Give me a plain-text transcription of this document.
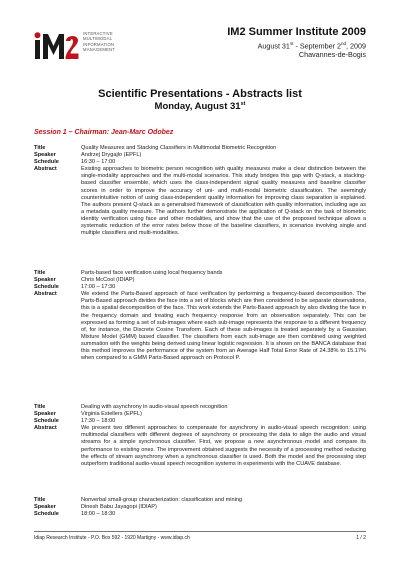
INTERACTIVE
MULTIMODAL
INFORMATION
MANAGEMENT
IM2 Summer Institute 2009
August 31st - September 2nd, 2009
Chavannes-de-Bogis
Scientific Presentations - Abstracts list
Monday, August 31st
Session 1 – Chairman: Jean-Marc Odobez
Title	Quality Measures and Stacking Classifiers in Multimodal Biometric Recognition
Speaker	Andrzej Drygajlo (EPFL)
Schedule	16:30 – 17:00
Abstract	Existing approaches to biometric person recognition with quality measures make a clear distinction between the single-modality approaches and the multi-modal scenarios. This study bridges this gap with Q-stack, a stacking-based classifier ensemble, which uses the class-independent signal quality measures and baseline classifier scores in order to improve the accuracy of uni- and multi-modal biometric classification. The seemingly counterintuitive notion of using class-independent quality information for improving class separation is explained. The authors present Q-stack as a generalised framework of classification with quality information, including age as a metadata quality measure. The authors further demonstrate the application of Q-stack on the task of biometric identity verification using face and other modalities, and show that the use of the proposed technique allows a systematic reduction of the error rates below those of the baseline classifiers, in scenarios involving single and multiple classifiers and multi-modalities.
Title	Parts-based face verification using local frequency bands
Speaker	Chris McCool (IDIAP)
Schedule	17:00 – 17:30
Abstract	We extend the Parts-Based approach of face verification by performing a frequency-based decomposition. The Parts-Based approach divides the face into a set of blocks which are then considered to be separate observations, this is a spatial decomposition of the face. This work extends the Parts-Based approach by also dividing the face in the frequency domain and treating each frequency response from an observation separately. This can be expressed as forming a set of sub-images where each sub-image represents the response to a different frequency of, for instance, the Discrete Cosine Transform. Each of these sub-images is treated separately by a Gaussian Mixture Model (GMM) based classifier. The classifiers from each sub-image are then combined using weighted summation with the weights being derived using linear logistic regression. It is shown on the BANCA database that this method improves the performance of the system from an Average Half Total Error Rate of 24.38% to 15.17% when compared to a GMM Parts-Based approach on Protocol P.
Title	Dealing with asynchrony in audio-visual speech recognition
Speaker	Virginia Estellers (EPFL)
Schedule	17:30 – 18:00
Abstract	We present two different approaches to compensate for asynchrony in audio-visual speech recognition: using multimodal classifiers with different degrees of asynchrony or processing the data to align the audio and visual streams for a simple synchronous classifier. First, we propose a new asynchronous model and compare its performance to existing ones. The improvement obtained suggests the necessity of a processing method reducing the effects of stream asynchrony when a synchronous classifier is used. Both the model and the processing step outperform traditional audio-visual speech recognition systems in experiments with the CUAVE database.
Title	Nonverbal small-group characterization: classification and mining
Speaker	Dinesh Babu Jayagopi (IDIAP)
Schedule	18:00 – 18:30
Idiap Research Institute - P.O. Box 592 - 1920 Martigny - www.idiap.ch	1 / 2
